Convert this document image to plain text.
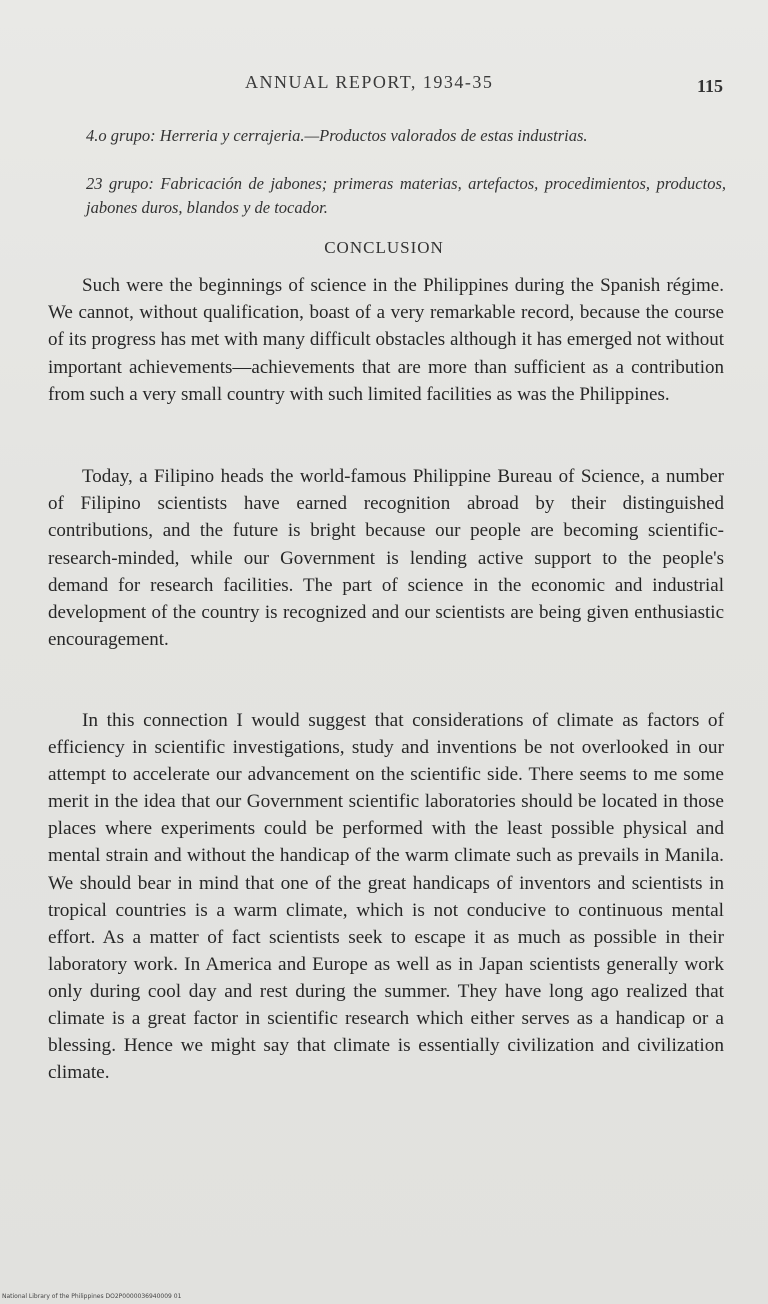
ANNUAL REPORT, 1934-35	115
4.o grupo: Herreria y cerrajeria.—Productos valorados de estas industrias.
23 grupo: Fabricación de jabones; primeras materias, artefactos, procedimientos, productos, jabones duros, blandos y de tocador.
CONCLUSION

Such were the beginnings of science in the Philippines during the Spanish régime. We cannot, without qualification, boast of a very remarkable record, because the course of its progress has met with many difficult obstacles although it has emerged not without important achievements—achievements that are more than sufficient as a contribution from such a very small country with such limited facilities as was the Philippines.

Today, a Filipino heads the world-famous Philippine Bureau of Science, a number of Filipino scientists have earned recognition abroad by their distinguished contributions, and the future is bright because our people are becoming scientific-research-minded, while our Government is lending active support to the people's demand for research facilities. The part of science in the economic and industrial development of the country is recognized and our scientists are being given enthusiastic encouragement.

In this connection I would suggest that considerations of climate as factors of efficiency in scientific investigations, study and inventions be not overlooked in our attempt to accelerate our advancement on the scientific side. There seems to me some merit in the idea that our Government scientific laboratories should be located in those places where experiments could be performed with the least possible physical and mental strain and without the handicap of the warm climate such as prevails in Manila. We should bear in mind that one of the great handicaps of inventors and scientists in tropical countries is a warm climate, which is not conducive to continuous mental effort. As a matter of fact scientists seek to escape it as much as possible in their laboratory work. In America and Europe as well as in Japan scientists generally work only during cool day and rest during the summer. They have long ago realized that climate is a great factor in scientific research which either serves as a handicap or a blessing. Hence we might say that climate is essentially civilization and civilization climate.

National Library of the Philippines DO2P0000036940009 01
